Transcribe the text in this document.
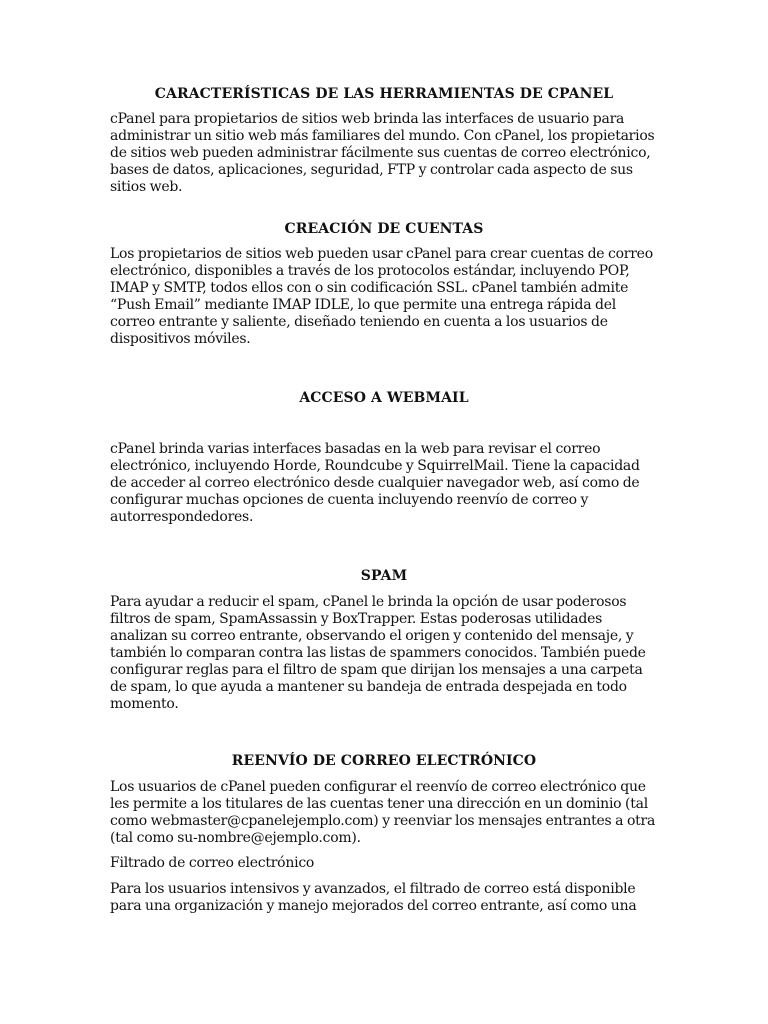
CARACTERÍSTICAS DE LAS HERRAMIENTAS DE CPANEL

cPanel para propietarios de sitios web brinda las interfaces de usuario para administrar un sitio web más familiares del mundo. Con cPanel, los propietarios de sitios web pueden administrar fácilmente sus cuentas de correo electrónico, bases de datos, aplicaciones, seguridad, FTP y controlar cada aspecto de sus sitios web.

CREACIÓN DE CUENTAS

Los propietarios de sitios web pueden usar cPanel para crear cuentas de correo electrónico, disponibles a través de los protocolos estándar, incluyendo POP, IMAP y SMTP, todos ellos con o sin codificación SSL. cPanel también admite “Push Email” mediante IMAP IDLE, lo que permite una entrega rápida del correo entrante y saliente, diseñado teniendo en cuenta a los usuarios de dispositivos móviles.

ACCESO A WEBMAIL

cPanel brinda varias interfaces basadas en la web para revisar el correo electrónico, incluyendo Horde, Roundcube y SquirrelMail. Tiene la capacidad de acceder al correo electrónico desde cualquier navegador web, así como de configurar muchas opciones de cuenta incluyendo reenvío de correo y autorrespondedores.

SPAM

Para ayudar a reducir el spam, cPanel le brinda la opción de usar poderosos filtros de spam, SpamAssassin y BoxTrapper. Estas poderosas utilidades analizan su correo entrante, observando el origen y contenido del mensaje, y también lo comparan contra las listas de spammers conocidos. También puede configurar reglas para el filtro de spam que dirijan los mensajes a una carpeta de spam, lo que ayuda a mantener su bandeja de entrada despejada en todo momento.

REENVÍO DE CORREO ELECTRÓNICO

Los usuarios de cPanel pueden configurar el reenvío de correo electrónico que les permite a los titulares de las cuentas tener una dirección en un dominio (tal como webmaster@cpanelejemplo.com) y reenviar los mensajes entrantes a otra (tal como su-nombre@ejemplo.com).

Filtrado de correo electrónico

Para los usuarios intensivos y avanzados, el filtrado de correo está disponible para una organización y manejo mejorados del correo entrante, así como una
